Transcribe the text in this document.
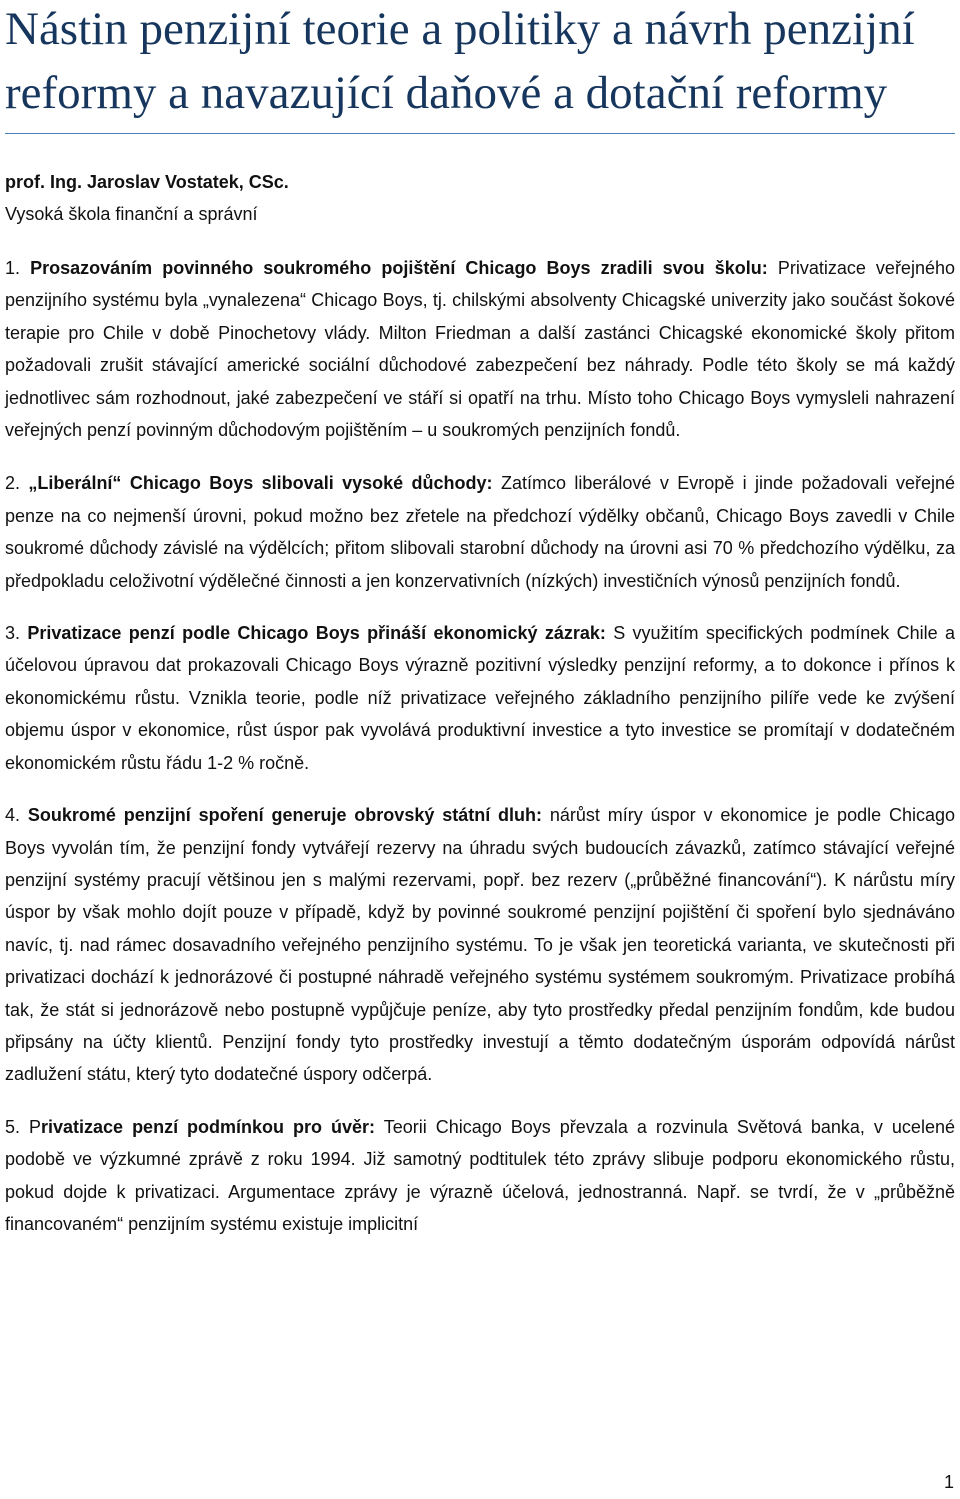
Nástin penzijní teorie a politiky a návrh penzijní reformy a navazující daňové a dotační reformy
prof. Ing. Jaroslav Vostatek, CSc.
Vysoká škola finanční a správní

1. Prosazováním povinného soukromého pojištění Chicago Boys zradili svou školu: Privatizace veřejného penzijního systému byla „vynalezena“ Chicago Boys, tj. chilskými absolventy Chicagské univerzity jako součást šokové terapie pro Chile v době Pinochetovy vlády. Milton Friedman a další zastánci Chicagské ekonomické školy přitom požadovali zrušit stávající americké sociální důchodové zabezpečení bez náhrady. Podle této školy se má každý jednotlivec sám rozhodnout, jaké zabezpečení ve stáří si opatří na trhu. Místo toho Chicago Boys vymysleli nahrazení veřejných penzí povinným důchodovým pojištěním – u soukromých penzijních fondů.

2. „Liberální“ Chicago Boys slibovali vysoké důchody: Zatímco liberálové v Evropě i jinde požadovali veřejné penze na co nejmenší úrovni, pokud možno bez zřetele na předchozí výdělky občanů, Chicago Boys zavedli v Chile soukromé důchody závislé na výdělcích; přitom slibovali starobní důchody na úrovni asi 70 % předchozího výdělku, za předpokladu celoživotní výdělečné činnosti a jen konzervativních (nízkých) investičních výnosů penzijních fondů.

3. Privatizace penzí podle Chicago Boys přináší ekonomický zázrak: S využitím specifických podmínek Chile a účelovou úpravou dat prokazovali Chicago Boys výrazně pozitivní výsledky penzijní reformy, a to dokonce i přínos k ekonomickému růstu. Vznikla teorie, podle níž privatizace veřejného základního penzijního pilíře vede ke zvýšení objemu úspor v ekonomice, růst úspor pak vyvolává produktivní investice a tyto investice se promítají v dodatečném ekonomickém růstu řádu 1-2 % ročně.

4. Soukromé penzijní spoření generuje obrovský státní dluh: nárůst míry úspor v ekonomice je podle Chicago Boys vyvolán tím, že penzijní fondy vytvářejí rezervy na úhradu svých budoucích závazků, zatímco stávající veřejné penzijní systémy pracují většinou jen s malými rezervami, popř. bez rezerv („průběžné financování“). K nárůstu míry úspor by však mohlo dojít pouze v případě, když by povinné soukromé penzijní pojištění či spoření bylo sjednáváno navíc, tj. nad rámec dosavadního veřejného penzijního systému. To je však jen teoretická varianta, ve skutečnosti při privatizaci dochází k jednorázové či postupné náhradě veřejného systému systémem soukromým. Privatizace probíhá tak, že stát si jednorázově nebo postupně vypůjčuje peníze, aby tyto prostředky předal penzijním fondům, kde budou připsány na účty klientů. Penzijní fondy tyto prostředky investují a těmto dodatečným úsporám odpovídá nárůst zadlužení státu, který tyto dodatečné úspory odčerpá.

5. Privatizace penzí podmínkou pro úvěr: Teorii Chicago Boys převzala a rozvinula Světová banka, v ucelené podobě ve výzkumné zprávě z roku 1994. Již samotný podtitulek této zprávy slibuje podporu ekonomického růstu, pokud dojde k privatizaci. Argumentace zprávy je výrazně účelová, jednostranná. Např. se tvrdí, že v „průběžně financovaném“ penzijním systému existuje implicitní

1
